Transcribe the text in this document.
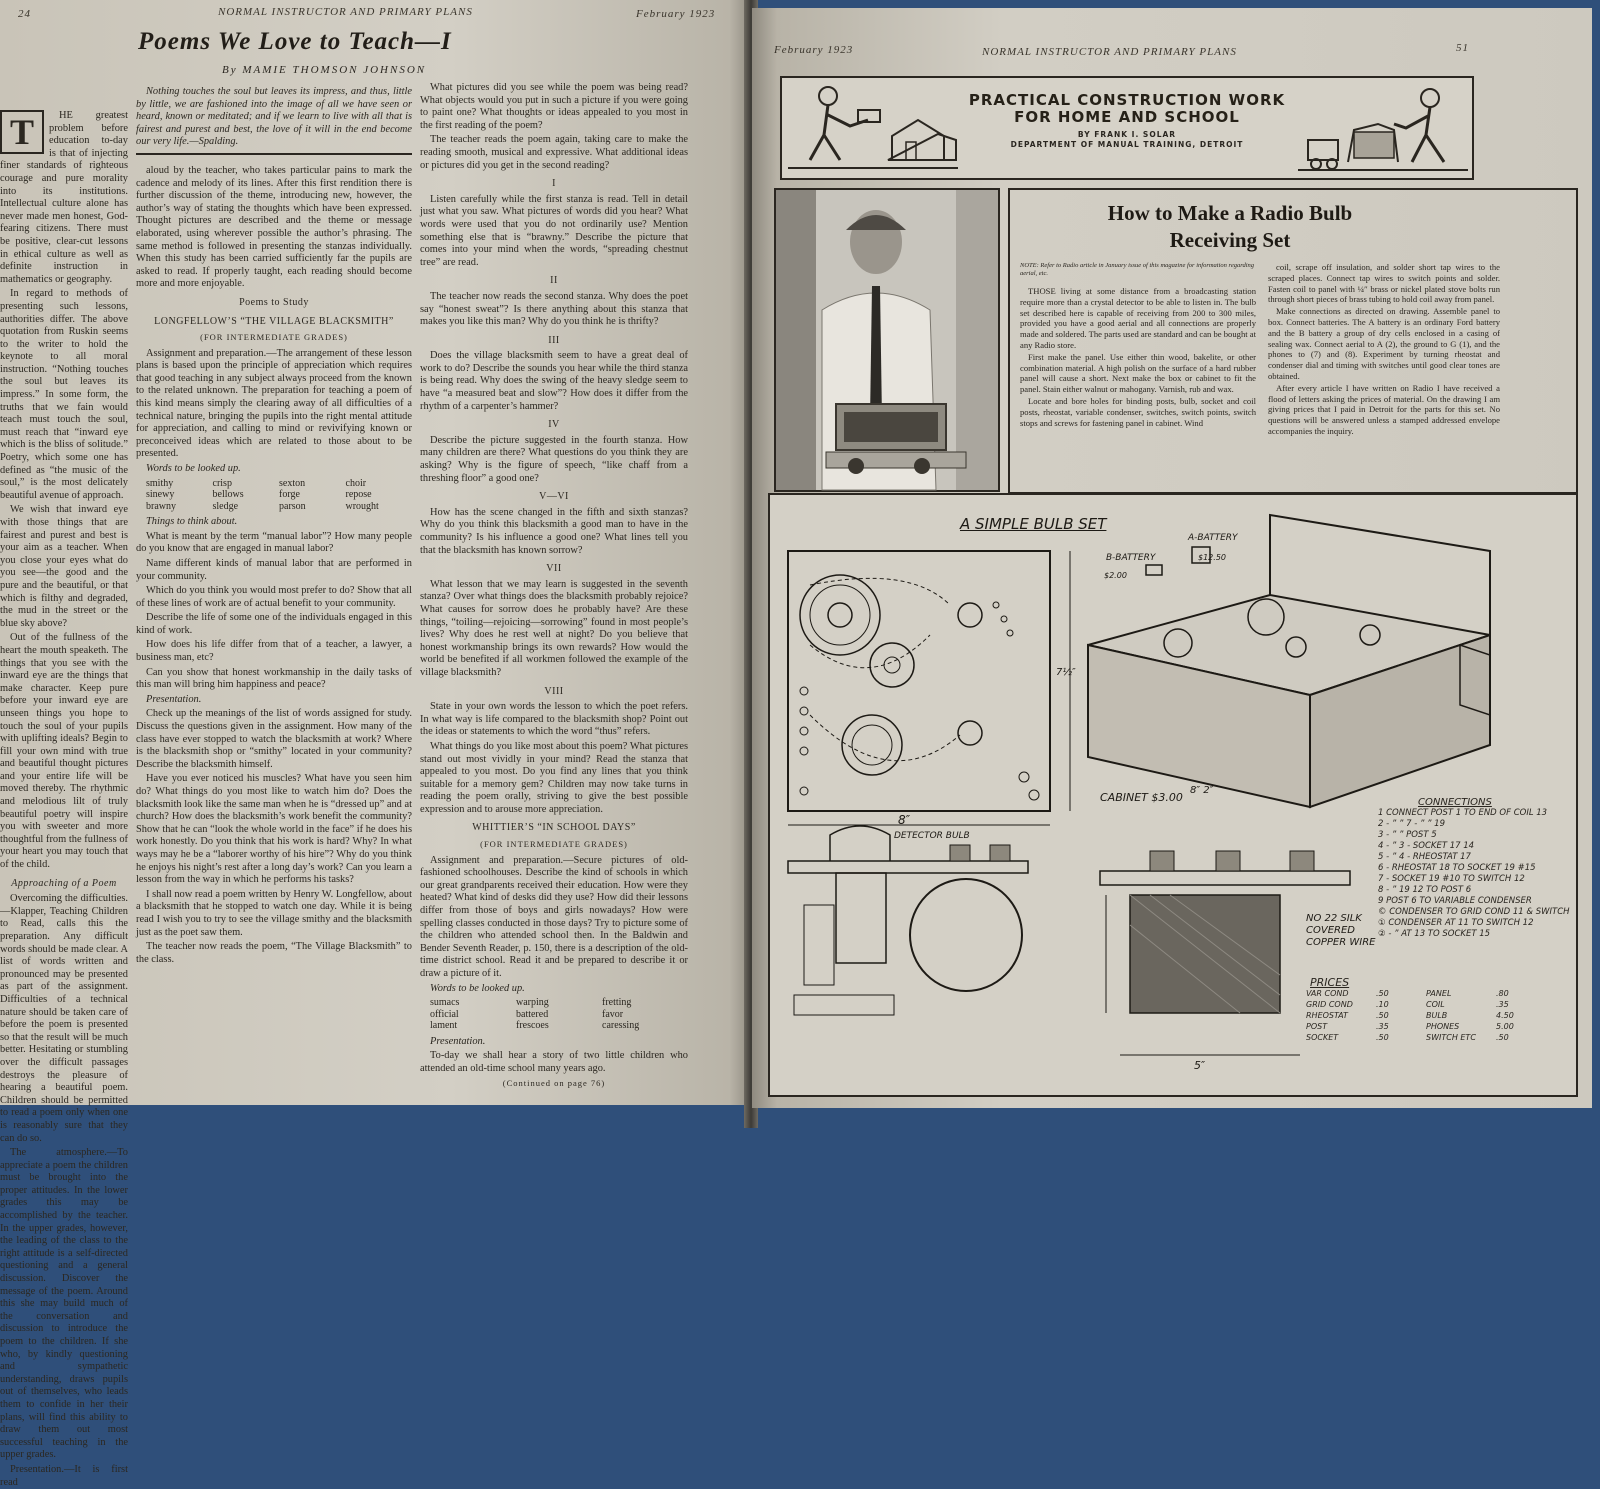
24	NORMAL INSTRUCTOR AND PRIMARY PLANS	February 1923
Poems We Love to Teach—I
By MAMIE THOMSON JOHNSON
T	HE greatest problem before education to-day is that of injecting finer standards of righteous courage and pure morality into its institutions. Intellectual culture alone has never made men honest, God-fearing citizens. There must be positive, clear-cut lessons in ethical culture as well as definite instruction in mathematics or geography.

In regard to methods of presenting such lessons, authorities differ. The above quotation from Ruskin seems to the writer to hold the keynote to all moral instruction. “Nothing touches the soul but leaves its impress.” In some form, the truths that we fain would teach must touch the soul, must reach that “inward eye which is the bliss of solitude.” Poetry, which some one has defined as “the music of the soul,” is the most delicately beautiful avenue of approach.

We wish that inward eye with those things that are fairest and purest and best is your aim as a teacher. When you close your eyes what do you see—the good and the pure and the beautiful, or that which is filthy and degraded, the mud in the street or the blue sky above?

Out of the fullness of the heart the mouth speaketh. The things that you see with the inward eye are the things that make character. Keep pure before your inward eye are unseen things you hope to touch the soul of your pupils with uplifting ideals? Begin to fill your own mind with true and beautiful thought pictures and your entire life will be moved thereby. The rhythmic and melodious lilt of truly beautiful poetry will inspire you with sweeter and more thoughtful from the fullness of your heart you may touch that of the child.

Approaching of a Poem

Overcoming the difficulties.—Klapper, Teaching Children to Read, calls this the preparation. Any difficult words should be made clear. A list of words written and pronounced may be presented as part of the assignment. Difficulties of a technical nature should be taken care of before the poem is presented so that the result will be much better. Hesitating or stumbling over the difficult passages destroys the pleasure of hearing a beautiful poem. Children should be permitted to read a poem only when one is reasonably sure that they can do so.

The atmosphere.—To appreciate a poem the children must be brought into the proper attitudes. In the lower grades this may be accomplished by the teacher. In the upper grades, however, the leading of the class to the right attitude is a self-directed questioning and a general discussion. Discover the message of the poem. Around this she may build much of the conversation and discussion to introduce the poem to the children. If she who, by kindly questioning and sympathetic understanding, draws pupils out of themselves, who leads them to confide in her their plans, will find this ability to draw them out most successful teaching in the upper grades.

Presentation.—It is first read

Nothing touches the soul but leaves its impress, and thus, little by little, we are fashioned into the image of all we have seen or heard, known or meditated; and if we learn to live with all that is fairest and purest and best, the love of it will in the end become our very life.—Spalding.

aloud by the teacher, who takes particular pains to mark the cadence and melody of its lines. After this first rendition there is further discussion of the theme, introducing new, however, the author’s way of stating the thoughts which have been expressed. Thought pictures are described and the theme or message elaborated, using wherever possible the author’s phrasing. The same method is followed in presenting the stanzas individually. When this study has been carried sufficiently far the pupils are asked to read. If properly taught, each reading should become more and more enjoyable.

Poems to Study

LONGFELLOW’S “THE VILLAGE BLACKSMITH”

(FOR INTERMEDIATE GRADES)

Assignment and preparation.—The arrangement of these lesson plans is based upon the principle of appreciation which requires that good teaching in any subject always proceed from the known to the related unknown. The preparation for teaching a poem of this kind means simply the clearing away of all difficulties of a technical nature, bringing the pupils into the right mental attitude for appreciation, and calling to mind or revivifying known or preconceived ideas which are related to those about to be presented.

Words to be looked up.

smithy	crisp	sexton	choir
sinewy	bellows	forge	repose
brawny	sledge	parson	wrought

Things to think about.

What is meant by the term “manual labor”? How many people do you know that are engaged in manual labor?

Name different kinds of manual labor that are performed in your community.

Which do you think you would most prefer to do? Show that all of these lines of work are of actual benefit to your community.

Describe the life of some one of the individuals engaged in this kind of work.

How does his life differ from that of a teacher, a lawyer, a business man, etc?

Can you show that honest workmanship in the daily tasks of this man will bring him happiness and peace?

Presentation.

Check up the meanings of the list of words assigned for study. Discuss the questions given in the assignment. How many of the class have ever stopped to watch the blacksmith at work? Where is the blacksmith shop or “smithy” located in your community? Describe the blacksmith himself.

Have you ever noticed his muscles? What have you seen him do? What things do you most like to watch him do? Does the blacksmith look like the same man when he is “dressed up” and at church? How does the blacksmith’s work benefit the community? Show that he can “look the whole world in the face” if he does his work honestly. Do you think that his work is hard? Why? In what ways may he be a “laborer worthy of his hire”? Why do you think he enjoys his night’s rest after a long day’s work? Can you learn a lesson from the way in which he performs his tasks?

I shall now read a poem written by Henry W. Longfellow, about a blacksmith that he stopped to watch one day. While it is being read I wish you to try to see the village smithy and the blacksmith just as the poet saw them.

The teacher now reads the poem, “The Village Blacksmith” to the class.

What pictures did you see while the poem was being read? What objects would you put in such a picture if you were going to paint one? What thoughts or ideas appealed to you most in the first reading of the poem?

The teacher reads the poem again, taking care to make the reading smooth, musical and expressive. What additional ideas or pictures did you get in the second reading?

I

Listen carefully while the first stanza is read. Tell in detail just what you saw. What pictures of words did you hear? What words were used that you do not ordinarily use? Mention something else that is “brawny.” Describe the picture that comes into your mind when the words, “spreading chestnut tree” are read.

II

The teacher now reads the second stanza. Why does the poet say “honest sweat”? Is there anything about this stanza that makes you like this man? Why do you think he is thrifty?

III

Does the village blacksmith seem to have a great deal of work to do? Describe the sounds you hear while the third stanza is being read. Why does the swing of the heavy sledge seem to have “a measured beat and slow”? How does it differ from the rhythm of a carpenter’s hammer?

IV

Describe the picture suggested in the fourth stanza. How many children are there? What questions do you think they are asking? Why is the figure of speech, “like chaff from a threshing floor” a good one?

V—VI

How has the scene changed in the fifth and sixth stanzas? Why do you think this blacksmith a good man to have in the community? Is his influence a good one? What lines tell you that the blacksmith has known sorrow?

VII

What lesson that we may learn is suggested in the seventh stanza? Over what things does the blacksmith probably rejoice? What causes for sorrow does he probably have? Are these things, “toiling—rejoicing—sorrowing” found in most people’s lives? Why does he rest well at night? Do you believe that honest workmanship brings its own rewards? How would the world be benefited if all workmen followed the example of the village blacksmith?

VIII

State in your own words the lesson to which the poet refers. In what way is life compared to the blacksmith shop? Point out the ideas or statements to which the word “thus” refers.

What things do you like most about this poem? What pictures stand out most vividly in your mind? Read the stanza that appealed to you most. Do you find any lines that you think suitable for a memory gem? Children may now take turns in reading the poem orally, striving to give the best possible expression and to arouse more appreciation.

WHITTIER’S “IN SCHOOL DAYS”

(FOR INTERMEDIATE GRADES)

Assignment and preparation.—Secure pictures of old-fashioned schoolhouses. Describe the kind of schools in which our great grandparents received their education. How were they heated? What kind of desks did they use? How did their lessons differ from those of boys and girls nowadays? How were spelling classes conducted in those days? Try to picture some of the children who attended school then. In the Baldwin and Bender Seventh Reader, p. 150, there is a description of the old-time district school. Read it and be prepared to describe it or draw a picture of it.

Words to be looked up.

sumacs	warping	fretting
official	battered	favor
lament	frescoes	caressing

Presentation.

To-day we shall hear a story of two little children who attended an old-time school many years ago.

(Continued on page 76)

February 1923	NORMAL INSTRUCTOR AND PRIMARY PLANS	51
PRACTICAL CONSTRUCTION WORK
FOR HOME AND SCHOOL
BY FRANK I. SOLAR
DEPARTMENT OF MANUAL TRAINING, DETROIT
How to Make a Radio Bulb
Receiving Set
NOTE: Refer to Radio article in January issue of this magazine for information regarding aerial, etc.

THOSE living at some distance from a broadcasting station require more than a crystal detector to be able to listen in. The bulb set described here is capable of receiving from 200 to 300 miles, provided you have a good aerial and all connections are properly made and soldered. The parts used are standard and can be bought at any Radio store.

First make the panel. Use either thin wood, bakelite, or other combination material. A high polish on the surface of a hard rubber panel will cause a short. Next make the box or cabinet to fit the panel. Stain either walnut or mahogany. Varnish, rub and wax.

Locate and bore holes for binding posts, bulb, socket and coil posts, rheostat, variable condenser, switches, switch points, switch stops and screws for fastening panel in cabinet. Wind

coil, scrape off insulation, and solder short tap wires to the scraped places. Connect tap wires to switch points and solder. Fasten coil to panel with ¼″ brass or nickel plated stove bolts run through short pieces of brass tubing to hold coil away from panel.

Make connections as directed on drawing. Assemble panel to box. Connect batteries. The A battery is an ordinary Ford battery and the B battery a group of dry cells enclosed in a casing of sealing wax. Connect aerial to A (2), the ground to G (1), and the phones to (7) and (8). Experiment by turning rheostat and condenser dial and timing with switches until good clear tones are obtained.

After every article I have written on Radio I have received a flood of letters asking the prices of material. On the drawing I am giving prices that I paid in Detroit for the parts for this set. No questions will be answered unless a stamped addressed envelope accompanies the inquiry.

A SIMPLE BULB SET
A-BATTERY
$12.50
B-BATTERY
$2.00
8″
7½″
CABINET $3.00
8″ 2″
DETECTOR BULB
5″
NO 22 SILK
COVERED
COPPER WIRE
CONNECTIONS
1 CONNECT POST 1 TO END OF COIL 13
2 - ” ” 7 - ” ” 19
3 - ” ” POST 5
4 - ” 3 - SOCKET 17 14
5 - ” 4 - RHEOSTAT 17
6 - RHEOSTAT 18 TO SOCKET 19 #15
7 - SOCKET 19 #10 TO SWITCH 12
8 - ” 19 12 TO POST 6
9 POST 6 TO VARIABLE CONDENSER
© CONDENSER TO GRID COND 11 & SWITCH
① CONDENSER AT 11 TO SWITCH 12
② - ” AT 13 TO SOCKET 15
PRICES
VAR COND	.50	PANEL	.80
GRID COND	.10	COIL	.35
RHEOSTAT	.50	BULB	4.50
POST	.35	PHONES	5.00
SOCKET	.50	SWITCH ETC	.50
